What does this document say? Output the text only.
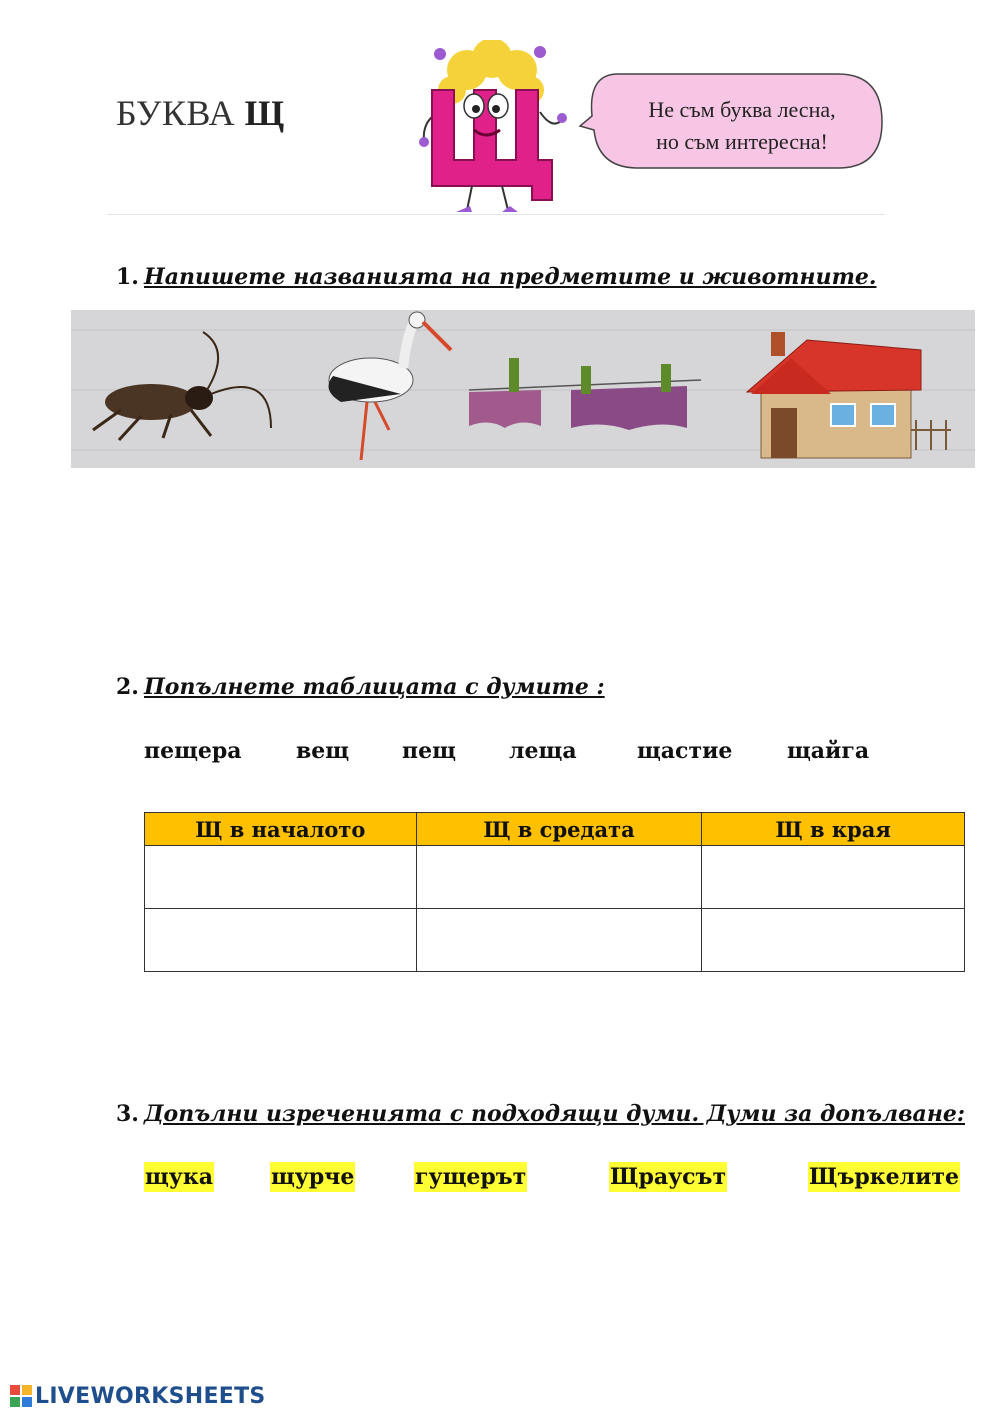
БУКВА Щ	Не съм буква лесна,
но съм интересна!
1. Напишете названията на предметите и животните.
2. Попълнете таблицата с думите :
пещера вещ пещ леща	щастие щайга
Щ в началото	Щ в средата	Щ в края

3. Допълни изреченията с подходящи думи. Думи за допълване:
щука	щурче	гущерът	Щраусът	Щъркелите
LIVEWORKSHEETS
